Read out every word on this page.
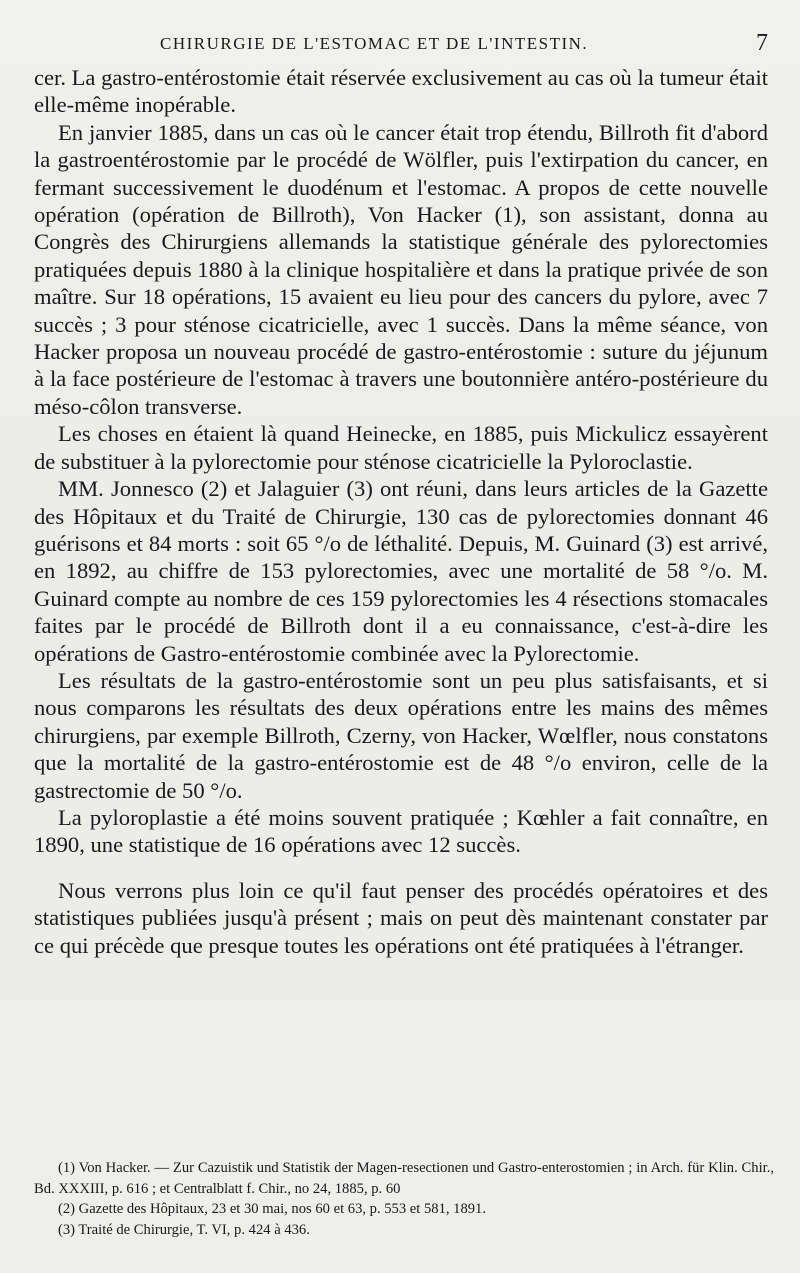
CHIRURGIE DE L'ESTOMAC ET DE L'INTESTIN.	7

cer. La gastro-entérostomie était réservée exclusivement au cas où la tumeur était elle-même inopérable.

En janvier 1885, dans un cas où le cancer était trop étendu, Billroth fit d'abord la gastroentérostomie par le procédé de Wölfler, puis l'extirpation du cancer, en fermant successivement le duodénum et l'estomac. A propos de cette nouvelle opération (opération de Billroth), Von Hacker (1), son assistant, donna au Congrès des Chirurgiens allemands la statistique générale des pylorectomies pratiquées depuis 1880 à la clinique hospitalière et dans la pratique privée de son maître. Sur 18 opérations, 15 avaient eu lieu pour des cancers du pylore, avec 7 succès ; 3 pour sténose cicatricielle, avec 1 succès. Dans la même séance, von Hacker proposa un nouveau procédé de gastro-entérostomie : suture du jéjunum à la face postérieure de l'estomac à travers une boutonnière antéro-postérieure du méso-côlon transverse.

Les choses en étaient là quand Heinecke, en 1885, puis Mickulicz essayèrent de substituer à la pylorectomie pour sténose cicatricielle la Pyloroclastie.

MM. Jonnesco (2) et Jalaguier (3) ont réuni, dans leurs articles de la Gazette des Hôpitaux et du Traité de Chirurgie, 130 cas de pylorectomies donnant 46 guérisons et 84 morts : soit 65 °/o de léthalité. Depuis, M. Guinard (3) est arrivé, en 1892, au chiffre de 153 pylorectomies, avec une mortalité de 58 °/o. M. Guinard compte au nombre de ces 159 pylorectomies les 4 résections stomacales faites par le procédé de Billroth dont il a eu connaissance, c'est-à-dire les opérations de Gastro-entérostomie combinée avec la Pylorectomie.

Les résultats de la gastro-entérostomie sont un peu plus satisfaisants, et si nous comparons les résultats des deux opérations entre les mains des mêmes chirurgiens, par exemple Billroth, Czerny, von Hacker, Wœlfler, nous constatons que la mortalité de la gastro-entérostomie est de 48 °/o environ, celle de la gastrectomie de 50 °/o.

La pyloroplastie a été moins souvent pratiquée ; Kœhler a fait connaître, en 1890, une statistique de 16 opérations avec 12 succès.

Nous verrons plus loin ce qu'il faut penser des procédés opératoires et des statistiques publiées jusqu'à présent ; mais on peut dès maintenant constater par ce qui précède que presque toutes les opérations ont été pratiquées à l'étranger.

(1) Von Hacker. — Zur Cazuistik und Statistik der Magen-resectionen und Gastro-enterostomien ; in Arch. für Klin. Chir., Bd. XXXIII, p. 616 ; et Centralblatt f. Chir., no 24, 1885, p. 60

(2) Gazette des Hôpitaux, 23 et 30 mai, nos 60 et 63, p. 553 et 581, 1891.

(3) Traité de Chirurgie, T. VI, p. 424 à 436.
